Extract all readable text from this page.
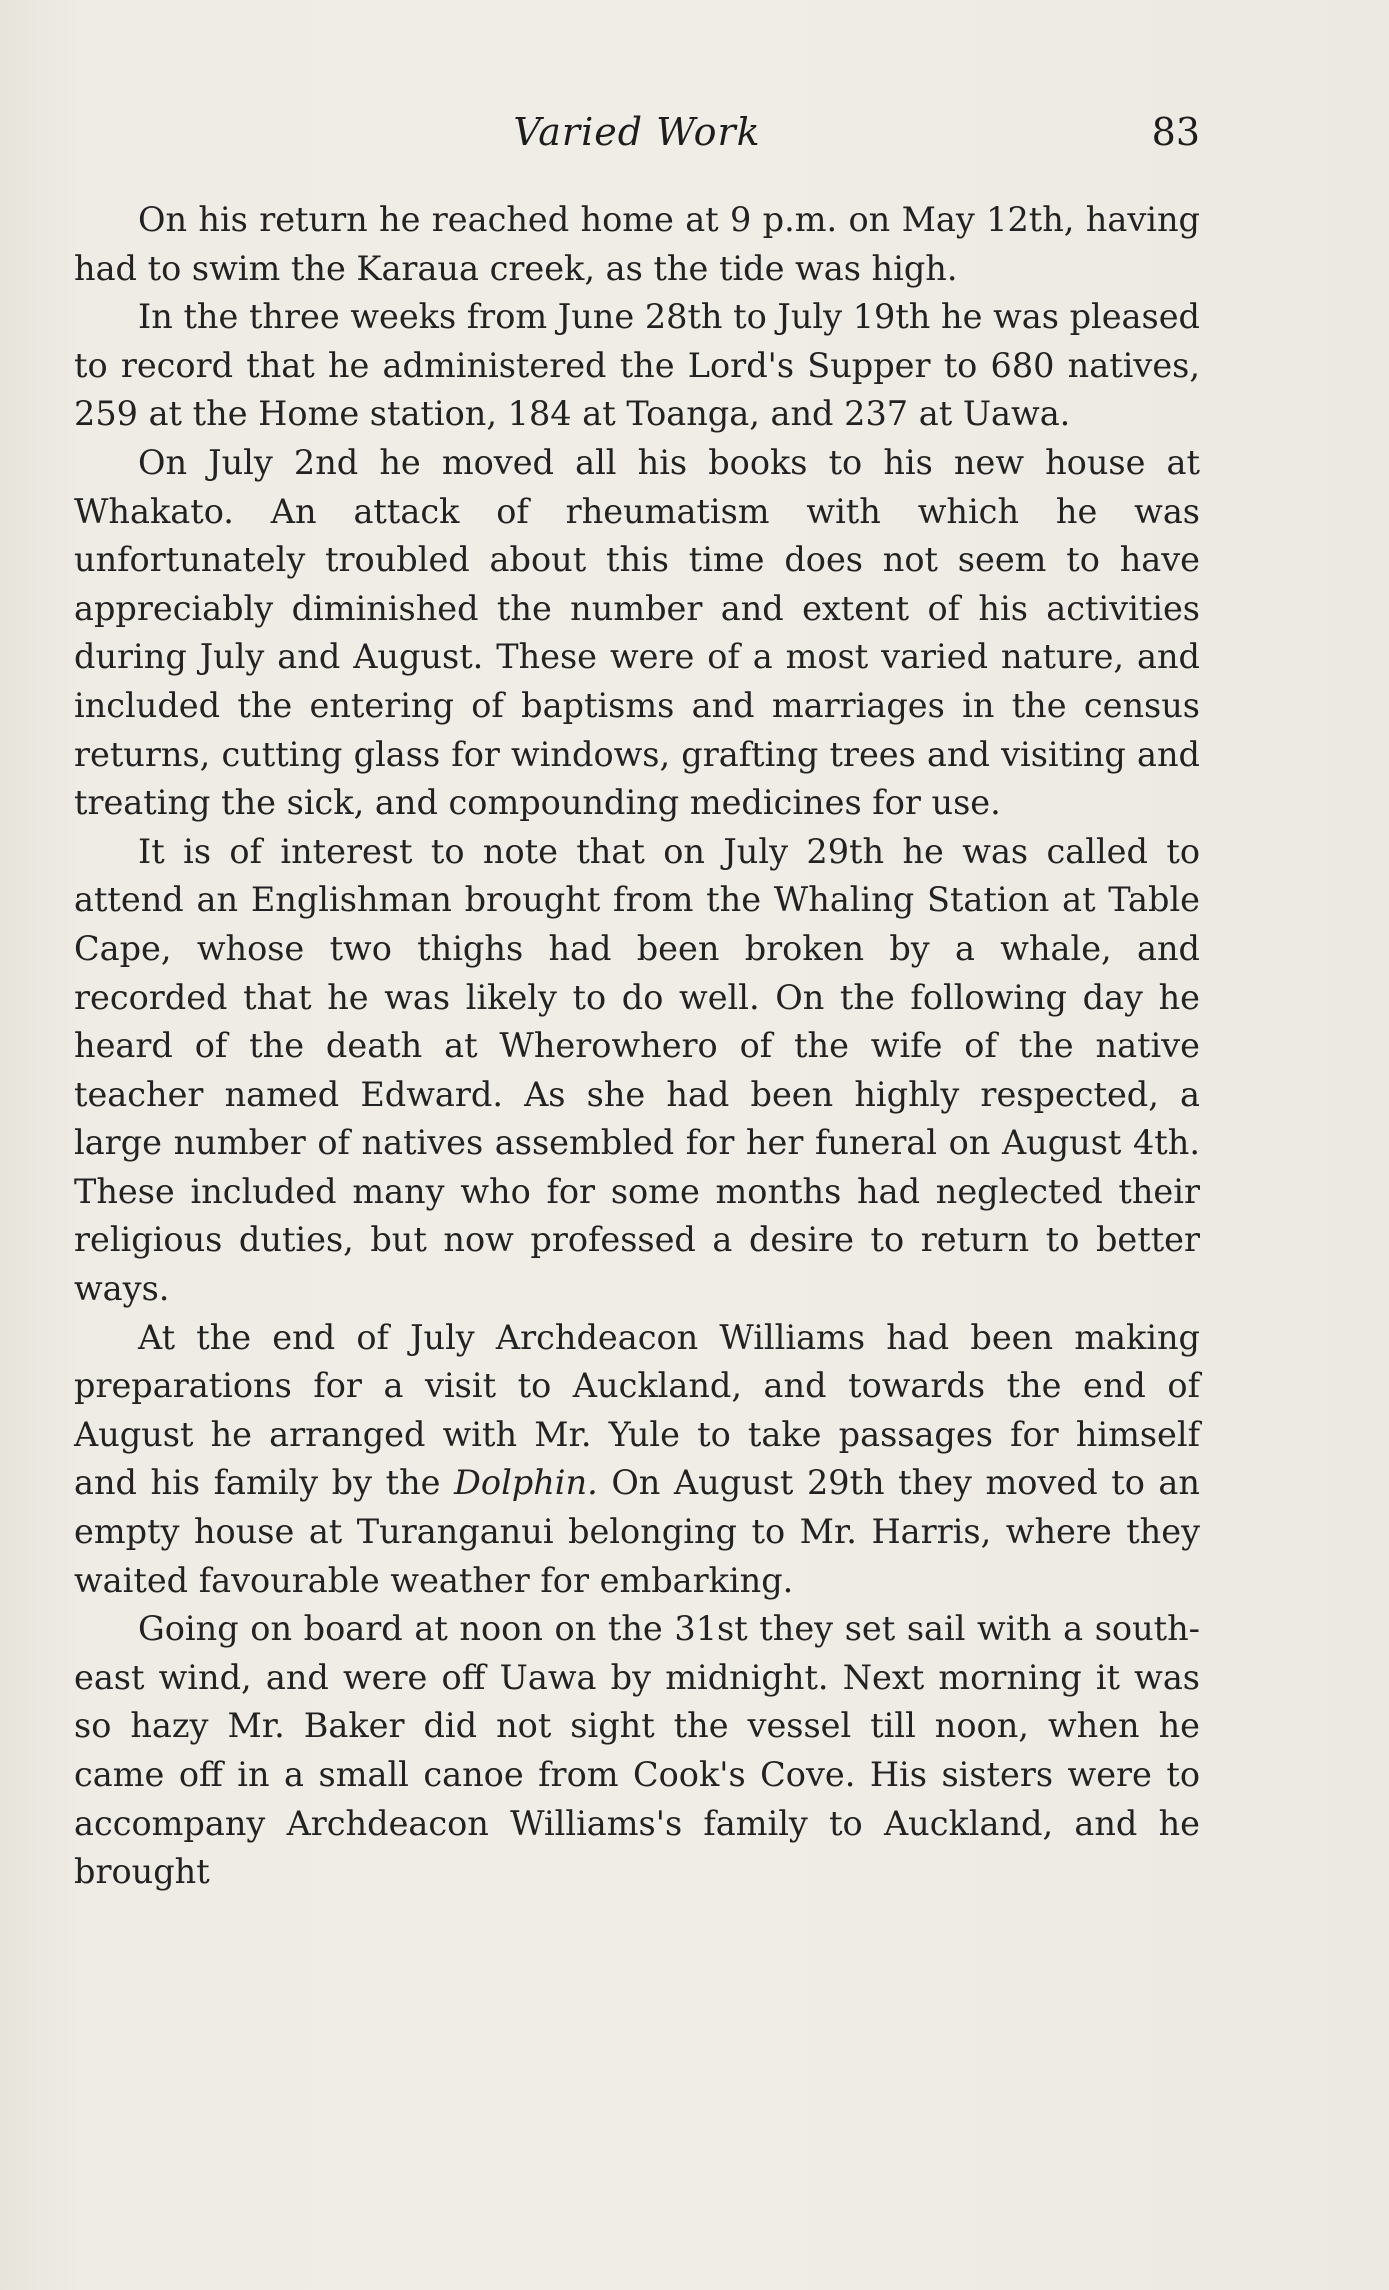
Varied Work	83

On his return he reached home at 9 p.m. on May 12th, having had to swim the Karaua creek, as the tide was high.

In the three weeks from June 28th to July 19th he was pleased to record that he administered the Lord's Supper to 680 natives, 259 at the Home station, 184 at Toanga, and 237 at Uawa.

On July 2nd he moved all his books to his new house at Whakato. An attack of rheumatism with which he was unfortunately troubled about this time does not seem to have appreciably diminished the number and extent of his activities during July and August. These were of a most varied nature, and included the entering of baptisms and marriages in the census returns, cutting glass for windows, grafting trees and visiting and treating the sick, and compounding medicines for use.

It is of interest to note that on July 29th he was called to attend an Englishman brought from the Whaling Station at Table Cape, whose two thighs had been broken by a whale, and recorded that he was likely to do well. On the following day he heard of the death at Wherowhero of the wife of the native teacher named Edward. As she had been highly respected, a large number of natives assembled for her funeral on August 4th. These included many who for some months had neglected their religious duties, but now professed a desire to return to better ways.

At the end of July Archdeacon Williams had been making preparations for a visit to Auckland, and towards the end of August he arranged with Mr. Yule to take passages for himself and his family by the Dolphin. On August 29th they moved to an empty house at Turanganui belonging to Mr. Harris, where they waited favourable weather for embarking.

Going on board at noon on the 31st they set sail with a south-east wind, and were off Uawa by midnight. Next morning it was so hazy Mr. Baker did not sight the vessel till noon, when he came off in a small canoe from Cook's Cove. His sisters were to accompany Archdeacon Williams's family to Auckland, and he brought
